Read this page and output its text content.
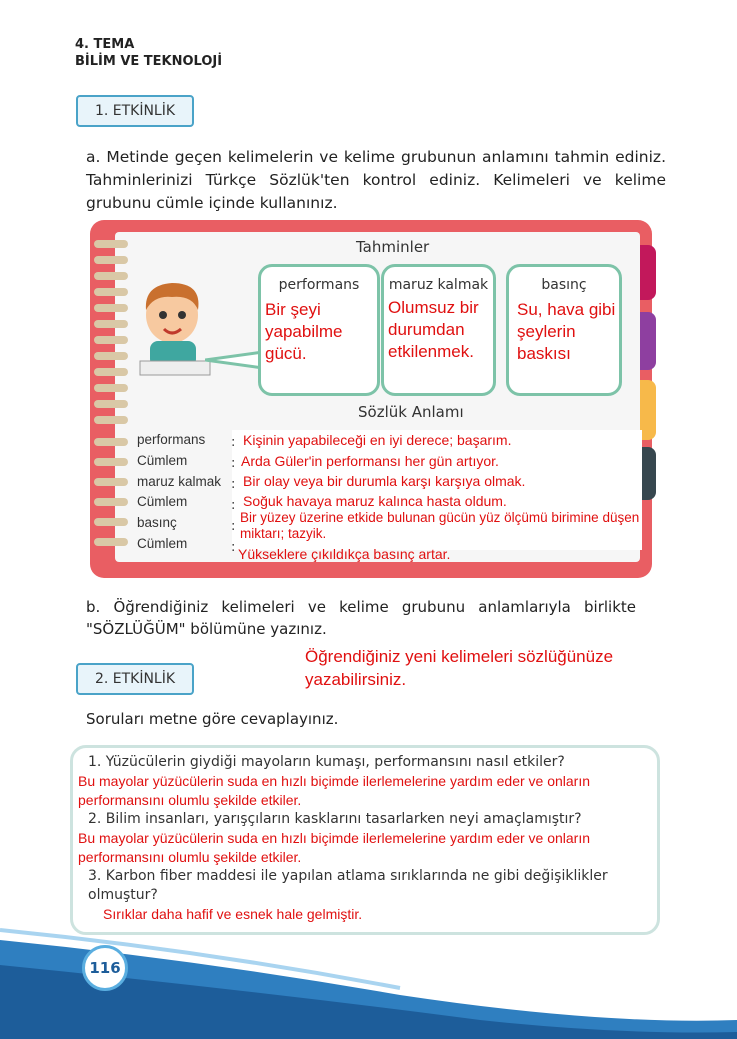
4. TEMA
BİLİM VE TEKNOLOJİ
1. ETKİNLİK
a. Metinde geçen kelimelerin ve kelime grubunun anlamını tahmin ediniz. Tahminlerinizi Türkçe Sözlük'ten kontrol ediniz. Kelimeleri ve kelime grubunu cümle içinde kullanınız.
Tahminler
performans
Bir şeyi yapabilme gücü.
maruz kalmak
Olumsuz bir durumdan etkilenmek.
basınç
Su, hava gibi şeylerin baskısı
Sözlük Anlamı
performans
Cümlem
maruz kalmak
Cümlem
basınç
Cümlem
:
:
:
:
:
:
Kişinin yapabileceği en iyi derece; başarım.
Arda Güler'in performansı her gün artıyor.
Bir olay veya bir durumla karşı karşıya olmak.
Soğuk havaya maruz kalınca hasta oldum.
Bir yüzey üzerine etkide bulunan gücün yüz ölçümü birimine düşen miktarı; tazyik.
Yükseklere çıkıldıkça basınç artar.
b. Öğrendiğiniz kelimeleri ve kelime grubunu anlamlarıyla birlikte "SÖZLÜĞÜM" bölümüne yazınız.
Öğrendiğiniz yeni kelimeleri sözlüğünüze yazabilirsiniz.
2. ETKİNLİK
Soruları metne göre cevaplayınız.
1. Yüzücülerin giydiği mayoların kumaşı, performansını nasıl etkiler?
Bu mayolar yüzücülerin suda en hızlı biçimde ilerlemelerine yardım eder ve onların performansını olumlu şekilde etkiler.
2. Bilim insanları, yarışçıların kasklarını tasarlarken neyi amaçlamıştır?
Bu mayolar yüzücülerin suda en hızlı biçimde ilerlemelerine yardım eder ve onların performansını olumlu şekilde etkiler.
3. Karbon fiber maddesi ile yapılan atlama sırıklarında ne gibi değişiklikler olmuştur?
Sırıklar daha hafif ve esnek hale gelmiştir.
116
